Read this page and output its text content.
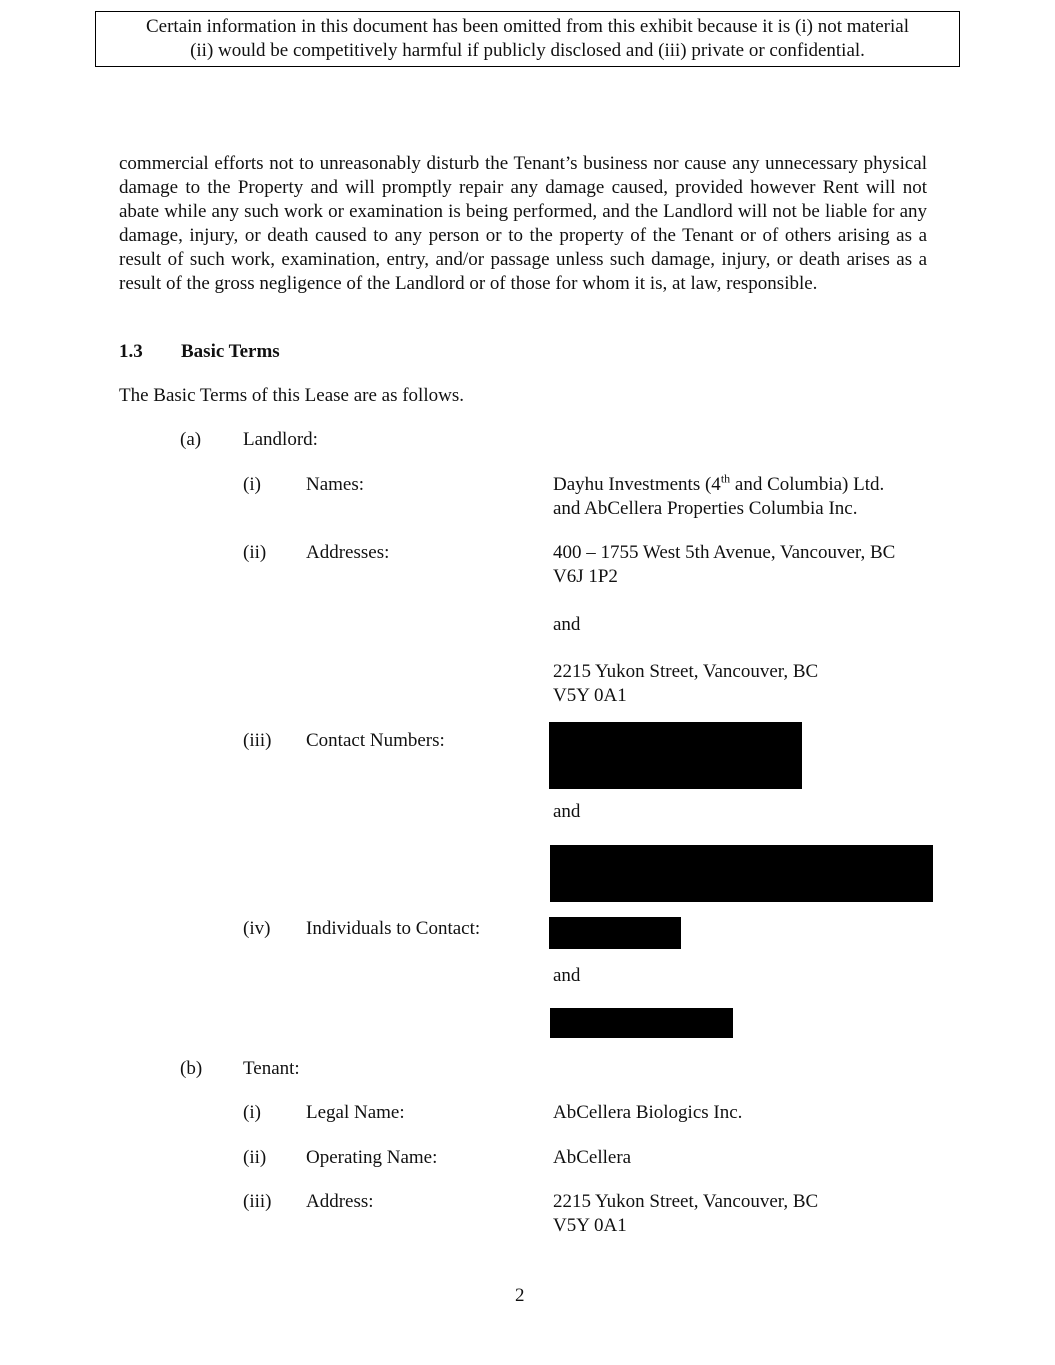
Certain information in this document has been omitted from this exhibit because it is (i) not material
(ii) would be competitively harmful if publicly disclosed and (iii) private or confidential.

commercial efforts not to unreasonably disturb the Tenant’s business nor cause any unnecessary physical damage to the Property and will promptly repair any damage caused, provided however Rent will not abate while any such work or examination is being performed, and the Landlord will not be liable for any damage, injury, or death caused to any person or to the property of the Tenant or of others arising as a result of such work, examination, entry, and/or passage unless such damage, injury, or death arises as a result of the gross negligence of the Landlord or of those for whom it is, at law, responsible.

1.3 Basic Terms
The Basic Terms of this Lease are as follows.
(a) Landlord:
(i) Names:	Dayhu Investments (4th and Columbia) Ltd.
and AbCellera Properties Columbia Inc.
(ii) Addresses:	400 – 1755 West 5th Avenue, Vancouver, BC
V6J 1P2
and
2215 Yukon Street, Vancouver, BC
V5Y 0A1
(iii) Contact Numbers:
and
(iv) Individuals to Contact:
and
(b) Tenant:
(i) Legal Name:	AbCellera Biologics Inc.
(ii) Operating Name:	AbCellera
(iii) Address:	2215 Yukon Street, Vancouver, BC
V5Y 0A1
2
